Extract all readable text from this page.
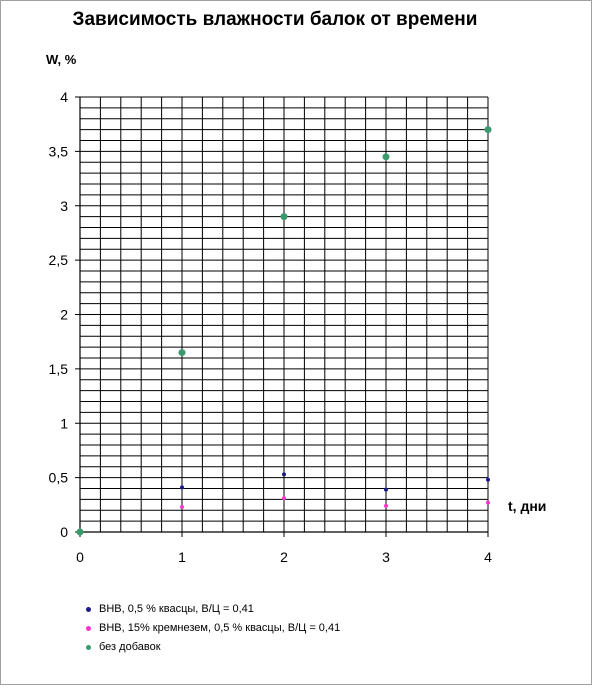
Зависимость влажности балок от времени
W, %
t, дни
0
0,5
1
1,5
2
2,5
3
3,5
4
0	1	2	3	4
ВНВ, 0,5 % квасцы, В/Ц = 0,41
ВНВ, 15% кремнезем, 0,5 % квасцы, В/Ц = 0,41
без добавок
